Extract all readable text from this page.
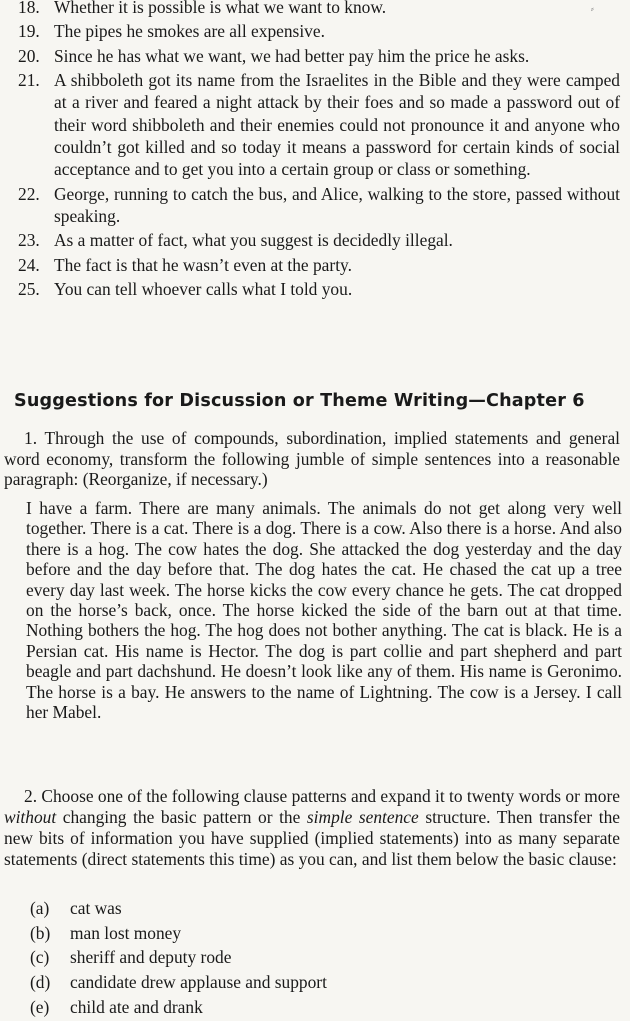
⸗
18. Whether it is possible is what we want to know.
19. The pipes he smokes are all expensive.
20. Since he has what we want, we had better pay him the price he asks.
21. A shibboleth got its name from the Israelites in the Bible and they were camped at a river and feared a night attack by their foes and so made a password out of their word shibboleth and their enemies could not pronounce it and anyone who couldn’t got killed and so today it means a password for certain kinds of social acceptance and to get you into a certain group or class or something.
22. George, running to catch the bus, and Alice, walking to the store, passed without speaking.
23. As a matter of fact, what you suggest is decidedly illegal.
24. The fact is that he wasn’t even at the party.
25. You can tell whoever calls what I told you.
Suggestions for Discussion or Theme Writing—Chapter 6

1. Through the use of compounds, subordination, implied statements and general word economy, transform the following jumble of simple sentences into a reasonable paragraph: (Reorganize, if necessary.)

I have a farm. There are many animals. The animals do not get along very well together. There is a cat. There is a dog. There is a cow. Also there is a horse. And also there is a hog. The cow hates the dog. She attacked the dog yesterday and the day before and the day before that. The dog hates the cat. He chased the cat up a tree every day last week. The horse kicks the cow every chance he gets. The cat dropped on the horse’s back, once. The horse kicked the side of the barn out at that time. Nothing bothers the hog. The hog does not bother anything. The cat is black. He is a Persian cat. His name is Hector. The dog is part collie and part shepherd and part beagle and part dachshund. He doesn’t look like any of them. His name is Geronimo. The horse is a bay. He answers to the name of Lightning. The cow is a Jersey. I call her Mabel.

2. Choose one of the following clause patterns and expand it to twenty words or more without changing the basic pattern or the simple sentence structure. Then transfer the new bits of information you have supplied (implied statements) into as many separate statements (direct statements this time) as you can, and list them below the basic clause:

(a) cat was
(b) man lost money
(c) sheriff and deputy rode
(d) candidate drew applause and support
(e) child ate and drank
